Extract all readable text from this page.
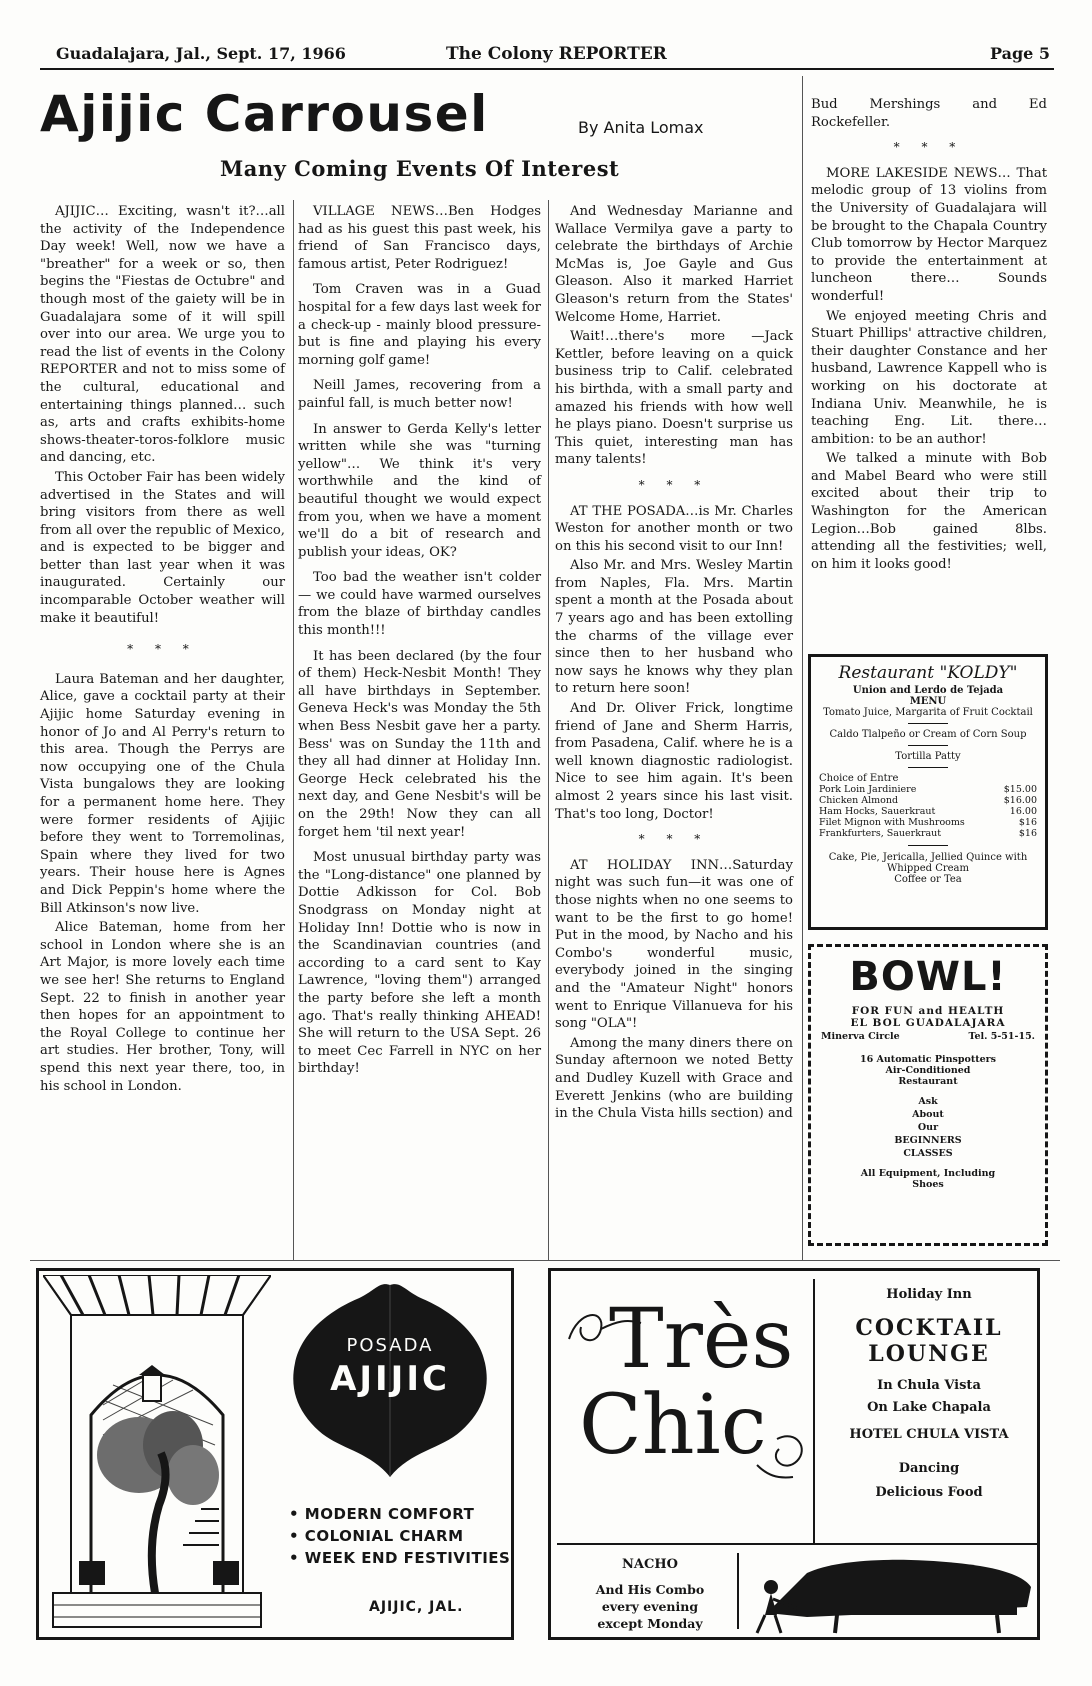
Guadalajara, Jal., Sept. 17, 1966	The Colony REPORTER	Page 5
Ajijic Carrousel	By Anita Lomax

Many Coming Events Of Interest

AJIJIC… Exciting, wasn't it?…all the activity of the Independence Day week! Well, now we have a "breather" for a week or so, then begins the "Fiestas de Octubre" and though most of the gaiety will be in Guadalajara some of it will spill over into our area. We urge you to read the list of events in the Colony REPORTER and not to miss some of the cultural, educational and entertaining things planned… such as, arts and crafts exhibits-home shows-theater-toros-folklore music and dancing, etc.

This October Fair has been widely advertised in the States and will bring visitors from there as well from all over the republic of Mexico, and is expected to be bigger and better than last year when it was inaugurated. Certainly our incomparable October weather will make it beautiful!

* * *

Laura Bateman and her daughter, Alice, gave a cocktail party at their Ajijic home Saturday evening in honor of Jo and Al Perry's return to this area. Though the Perrys are now occupying one of the Chula Vista bungalows they are looking for a permanent home here. They were former residents of Ajijic before they went to Torremolinas, Spain where they lived for two years. Their house here is Agnes and Dick Peppin's home where the Bill Atkinson's now live.

Alice Bateman, home from her school in London where she is an Art Major, is more lovely each time we see her! She returns to England Sept. 22 to finish in another year then hopes for an appointment to the Royal College to continue her art studies. Her brother, Tony, will spend this next year there, too, in his school in London.

VILLAGE NEWS…Ben Hodges had as his guest this past week, his friend of San Francisco days, famous artist, Peter Rodriguez!

Tom Craven was in a Guad hospital for a few days last week for a check-up - mainly blood pressure- but is fine and playing his every morning golf game!

Neill James, recovering from a painful fall, is much better now!

In answer to Gerda Kelly's letter written while she was "turning yellow"… We think it's very worthwhile and the kind of beautiful thought we would expect from you, when we have a moment we'll do a bit of research and publish your ideas, OK?

Too bad the weather isn't colder — we could have warmed ourselves from the blaze of birthday candles this month!!!

It has been declared (by the four of them) Heck-Nesbit Month! They all have birthdays in September. Geneva Heck's was Monday the 5th when Bess Nesbit gave her a party. Bess' was on Sunday the 11th and they all had dinner at Holiday Inn. George Heck celebrated his the next day, and Gene Nesbit's will be on the 29th! Now they can all forget hem 'til next year!

Most unusual birthday party was the "Long-distance" one planned by Dottie Adkisson for Col. Bob Snodgrass on Monday night at Holiday Inn! Dottie who is now in the Scandinavian countries (and according to a card sent to Kay Lawrence, "loving them") arranged the party before she left a month ago. That's really thinking AHEAD! She will return to the USA Sept. 26 to meet Cec Farrell in NYC on her birthday!

And Wednesday Marianne and Wallace Vermilya gave a party to celebrate the birthdays of Archie McMas is, Joe Gayle and Gus Gleason. Also it marked Harriet Gleason's return from the States' Welcome Home, Harriet.

Wait!…there's more —Jack Kettler, before leaving on a quick business trip to Calif. celebrated his birthda, with a small party and amazed his friends with how well he plays piano. Doesn't surprise us This quiet, interesting man has many talents!

* * *

AT THE POSADA…is Mr. Charles Weston for another month or two on this his second visit to our Inn!

Also Mr. and Mrs. Wesley Martin from Naples, Fla. Mrs. Martin spent a month at the Posada about 7 years ago and has been extolling the charms of the village ever since then to her husband who now says he knows why they plan to return here soon!

And Dr. Oliver Frick, longtime friend of Jane and Sherm Harris, from Pasadena, Calif. where he is a well known diagnostic radiologist. Nice to see him again. It's been almost 2 years since his last visit. That's too long, Doctor!

* * *

AT HOLIDAY INN…Saturday night was such fun—it was one of those nights when no one seems to want to be the first to go home! Put in the mood, by Nacho and his Combo's wonderful music, everybody joined in the singing and the "Amateur Night" honors went to Enrique Villanueva for his song "OLA"!

Among the many diners there on Sunday afternoon we noted Betty and Dudley Kuzell with Grace and Everett Jenkins (who are building in the Chula Vista hills section) and

Bud Mershings and Ed Rockefeller.

* * *

MORE LAKESIDE NEWS… That melodic group of 13 violins from the University of Guadalajara will be brought to the Chapala Country Club tomorrow by Hector Marquez to provide the entertainment at luncheon there… Sounds wonderful!

We enjoyed meeting Chris and Stuart Phillips' attractive children, their daughter Constance and her husband, Lawrence Kappell who is working on his doctorate at Indiana Univ. Meanwhile, he is teaching Eng. Lit. there…ambition: to be an author!

We talked a minute with Bob and Mabel Beard who were still excited about their trip to Washington for the American Legion…Bob gained 8lbs. attending all the festivities; well, on him it looks good!

Restaurant "KOLDY"
Union and Lerdo de Tejada
MENU
Tomato Juice, Margarita of Fruit Cocktail
Caldo Tlalpeño or Cream of Corn Soup
Tortilla Patty
Choice of Entre
Pork Loin Jardiniere	$15.00
Chicken Almond	$16.00
Ham Hocks, Sauerkraut	16.00
Filet Mignon with Mushrooms	$16
Frankfurters, Sauerkraut	$16
Cake, Pie, Jericalla, Jellied Quince with Whipped Cream
Coffee or Tea
BOWL!
FOR FUN and HEALTH
EL BOL GUADALAJARA
Minerva Circle	Tel. 5-51-15.
16 Automatic Pinspotters
Air-Conditioned
Restaurant
Ask
About
Our
BEGINNERS
CLASSES
All Equipment, Including
Shoes
POSADA
AJIJIC
• MODERN COMFORT
• COLONIAL CHARM
• WEEK END FESTIVITIES
AJIJIC, JAL.
Très
Chic
Holiday Inn
COCKTAIL
LOUNGE
In Chula Vista
On Lake Chapala
HOTEL CHULA VISTA
Dancing
Delicious Food
NACHO
And His Combo
every evening
except Monday
